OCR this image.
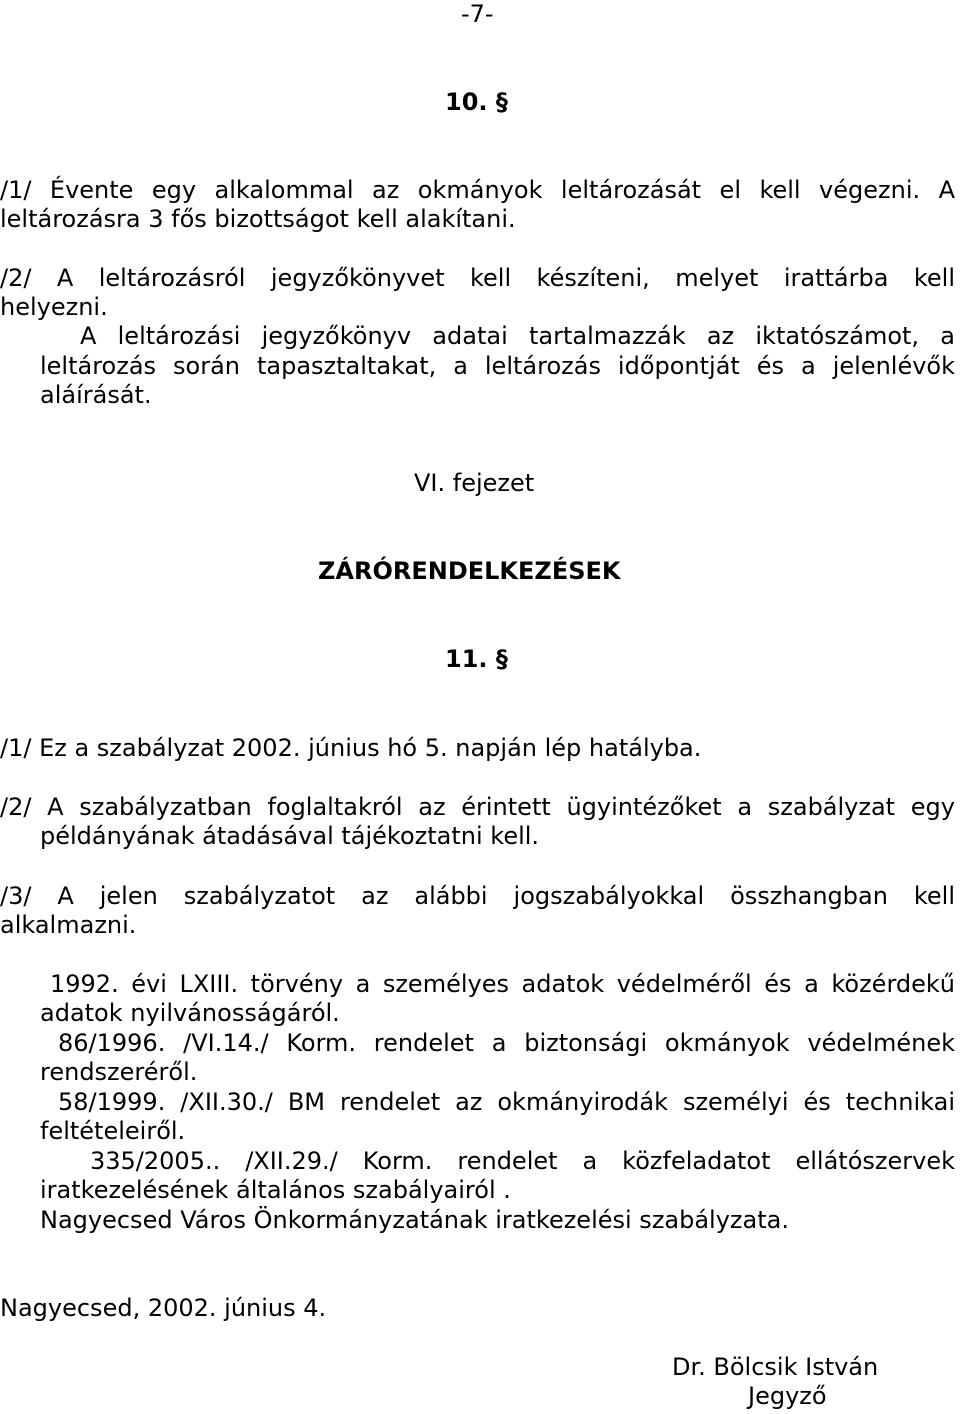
-7-
10. §
/1/ Évente egy alkalommal az okmányok leltározását el kell végezni. A
leltározásra 3 fős bizottságot kell alakítani.
/2/ A leltározásról jegyzőkönyvet kell készíteni, melyet irattárba kell
helyezni.
A leltározási jegyzőkönyv adatai tartalmazzák az iktatószámot, a
leltározás során tapasztaltakat, a leltározás időpontját és a jelenlévők
aláírását.
VI. fejezet
ZÁRÓRENDELKEZÉSEK
11. §
/1/ Ez a szabályzat 2002. június hó 5. napján lép hatályba.
/2/ A szabályzatban foglaltakról az érintett ügyintézőket a szabályzat egy
példányának átadásával tájékoztatni kell.
/3/ A jelen szabályzatot az alábbi jogszabályokkal összhangban kell
alkalmazni.
1992. évi LXIII. törvény a személyes adatok védelméről és a közérdekű
adatok nyilvánosságáról.
86/1996. /VI.14./ Korm. rendelet a biztonsági okmányok védelmének
rendszeréről.
58/1999. /XII.30./ BM rendelet az okmányirodák személyi és technikai
feltételeiről.
335/2005.. /XII.29./ Korm. rendelet a közfeladatot ellátószervek
iratkezelésének általános szabályairól .
Nagyecsed Város Önkormányzatának iratkezelési szabályzata.
Nagyecsed, 2002. június 4.
Dr. Bölcsik István
Jegyző
